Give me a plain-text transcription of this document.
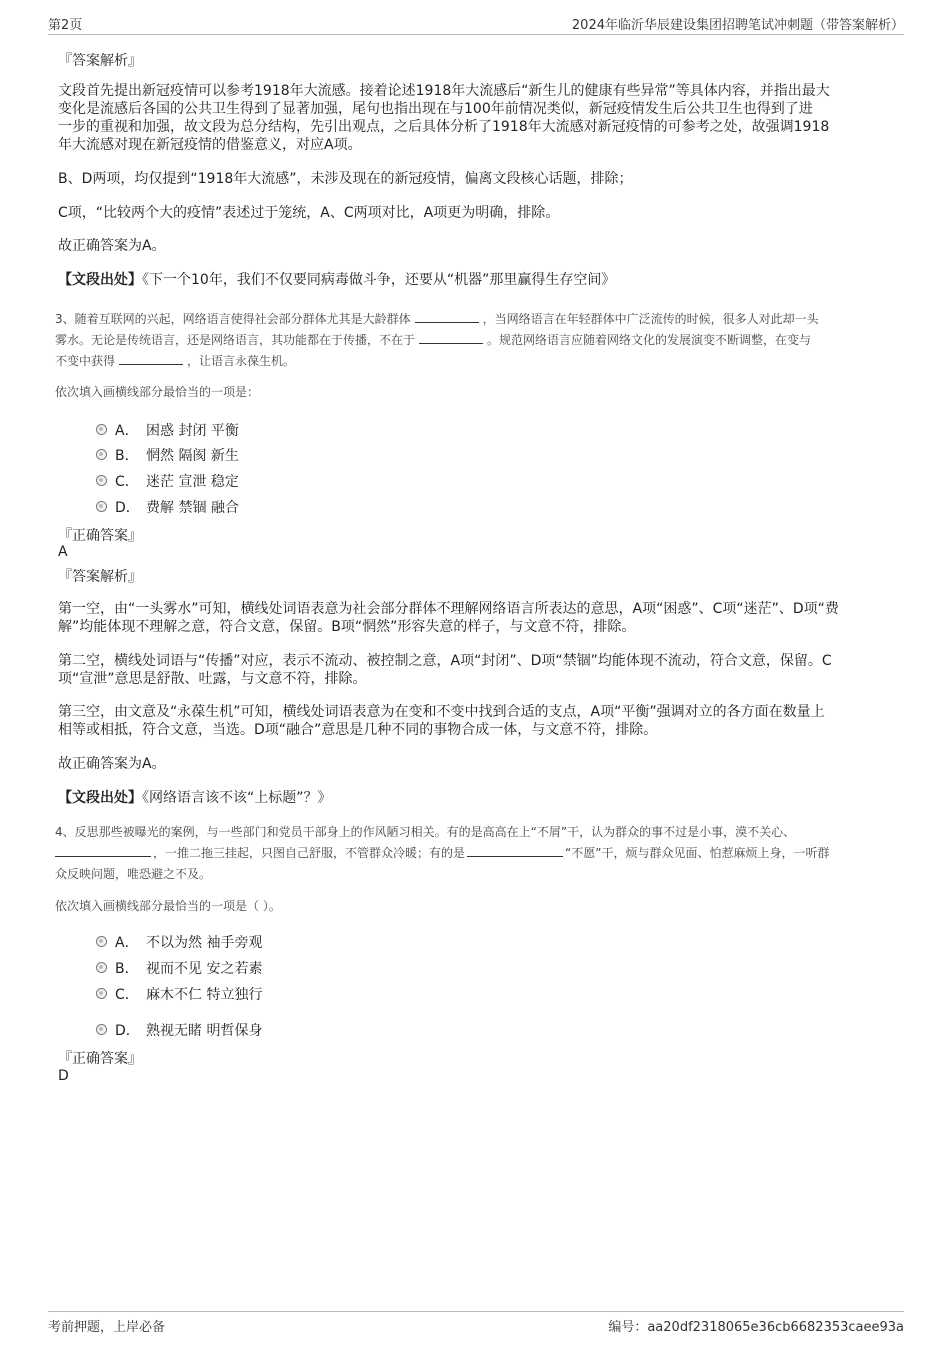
第2页	2024年临沂华辰建设集团招聘笔试冲刺题（带答案解析）
『答案解析』
文段首先提出新冠疫情可以参考1918年大流感。接着论述1918年大流感后“新生儿的健康有些异常”等具体内容，并指出最大
变化是流感后各国的公共卫生得到了显著加强，尾句也指出现在与100年前情况类似，新冠疫情发生后公共卫生也得到了进
一步的重视和加强，故文段为总分结构，先引出观点，之后具体分析了1918年大流感对新冠疫情的可参考之处，故强调1918
年大流感对现在新冠疫情的借鉴意义，对应A项。
B、D两项，均仅提到“1918年大流感”，未涉及现在的新冠疫情，偏离文段核心话题，排除；
C项，“比较两个大的疫情”表述过于笼统，A、C两项对比，A项更为明确，排除。
故正确答案为A。
【文段出处】《下一个10年，我们不仅要同病毒做斗争，还要从“机器”那里赢得生存空间》
3、随着互联网的兴起，网络语言使得社会部分群体尤其是大龄群体	，当网络语言在年轻群体中广泛流传的时候，很多人对此却一头
雾水。无论是传统语言，还是网络语言，其功能都在于传播，不在于	。规范网络语言应随着网络文化的发展演变不断调整，在变与
不变中获得	，让语言永葆生机。
依次填入画横线部分最恰当的一项是：
A． 困惑 封闭 平衡
B． 惘然 隔阂 新生
C． 迷茫 宣泄 稳定
D． 费解 禁锢 融合
『正确答案』
A
『答案解析』
第一空，由“一头雾水”可知，横线处词语表意为社会部分群体不理解网络语言所表达的意思，A项“困惑”、C项“迷茫”、D项“费
解”均能体现不理解之意，符合文意，保留。B项“惘然”形容失意的样子，与文意不符，排除。
第二空，横线处词语与“传播”对应，表示不流动、被控制之意，A项“封闭”、D项“禁锢”均能体现不流动，符合文意，保留。C
项“宣泄”意思是舒散、吐露，与文意不符，排除。
第三空，由文意及“永葆生机”可知，横线处词语表意为在变和不变中找到合适的支点，A项“平衡”强调对立的各方面在数量上
相等或相抵，符合文意，当选。D项“融合”意思是几种不同的事物合成一体，与文意不符，排除。
故正确答案为A。
【文段出处】《网络语言该不该“上标题”？》
4、反思那些被曝光的案例，与一些部门和党员干部身上的作风陋习相关。有的是高高在上“不屑”干，认为群众的事不过是小事，漠不关心、
，一推二拖三挂起，只图自己舒服，不管群众冷暖；有的是	“不愿”干，烦与群众见面、怕惹麻烦上身，一听群
众反映问题，唯恐避之不及。
依次填入画横线部分最恰当的一项是（ ）。
A． 不以为然 袖手旁观
B． 视而不见 安之若素
C． 麻木不仁 特立独行
D． 熟视无睹 明哲保身
『正确答案』
D
考前押题，上岸必备	编号：aa20df2318065e36cb6682353caee93a
